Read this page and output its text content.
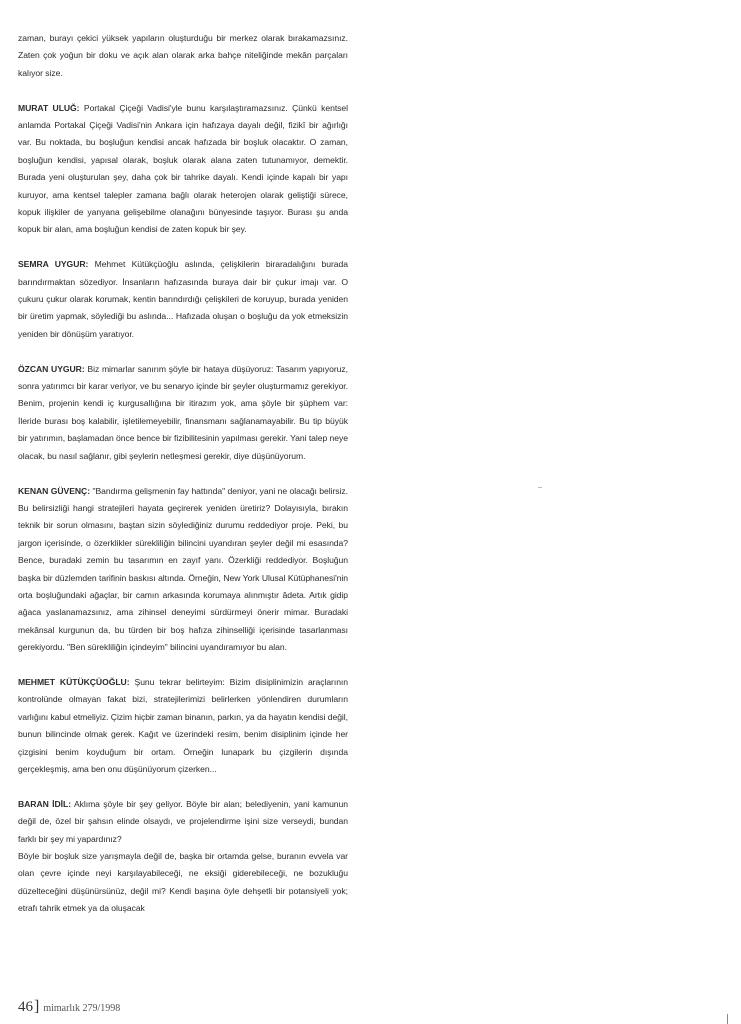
zaman, burayı çekici yüksek yapıların oluşturduğu bir merkez olarak bırakamazsınız. Zaten çok yoğun bir doku ve açık alan olarak arka bahçe niteliğinde mekân parçaları kalıyor size.

MURAT ULUĞ: Portakal Çiçeği Vadisi'yle bunu karşılaştıramazsınız. Çünkü kentsel anlamda Portakal Çiçeği Vadisi'nin Ankara için hafızaya dayalı değil, fizikî bir ağırlığı var. Bu noktada, bu boşluğun kendisi ancak hafızada bir boşluk olacaktır. O zaman, boşluğun kendisi, yapısal olarak, boşluk olarak alana zaten tutunamıyor, demektir. Burada yeni oluşturulan şey, daha çok bir tahrike dayalı. Kendi içinde kapalı bir yapı kuruyor, ama kentsel talepler zamana bağlı olarak heterojen olarak geliştiği sürece, kopuk ilişkiler de yanyana gelişebilme olanağını bünyesinde taşıyor. Burası şu anda kopuk bir alan, ama boşluğun kendisi de zaten kopuk bir şey.

SEMRA UYGUR: Mehmet Kütükçüoğlu aslında, çelişkilerin biraradalığını burada barındırmaktan sözediyor. İnsanların hafızasında buraya dair bir çukur imajı var. O çukuru çukur olarak korumak, kentin barındırdığı çelişkileri de koruyup, burada yeniden bir üretim yapmak, söylediği bu aslında... Hafızada oluşan o boşluğu da yok etmeksizin yeniden bir dönüşüm yaratıyor.

ÖZCAN UYGUR: Biz mimarlar sanırım şöyle bir hataya düşüyoruz: Tasarım yapıyoruz, sonra yatırımcı bir karar veriyor, ve bu senaryo içinde bir şeyler oluşturmamız gerekiyor. Benim, projenin kendi iç kurgusallığına bir itirazım yok, ama şöyle bir şüphem var: İleride burası boş kalabilir, işletilemeyebilir, finansmanı sağlanamayabilir. Bu tip büyük bir yatırımın, başlamadan önce bence bir fizibilitesinin yapılması gerekir. Yani talep neye olacak, bu nasıl sağlanır, gibi şeylerin netleşmesi gerekir, diye düşünüyorum.

KENAN GÜVENÇ: "Bandırma gelişmenin fay hattında" deniyor, yani ne olacağı belirsiz. Bu belirsizliği hangi stratejileri hayata geçirerek yeniden üretiriz? Dolayısıyla, bırakın teknik bir sorun olmasını, baştan sizin söylediğiniz durumu reddediyor proje. Peki, bu jargon içerisinde, o özerklikler sürekliliğin bilincini uyandıran şeyler değil mi esasında? Bence, buradaki zemin bu tasarımın en zayıf yanı. Özerkliği reddediyor. Boşluğun başka bir düzlemden tarifinin baskısı altında. Örneğin, New York Ulusal Kütüphanesi'nin orta boşluğundaki ağaçlar, bir camın arkasında korumaya alınmıştır âdeta. Artık gidip ağaca yaslanamazsınız, ama zihinsel deneyimi sürdürmeyi önerir mimar. Buradaki mekânsal kurgunun da, bu türden bir boş hafıza zihinselliği içerisinde tasarlanması gerekiyordu. "Ben sürekliliğin içindeyim" bilincini uyandıramıyor bu alan.

MEHMET KÜTÜKÇÜOĞLU: Şunu tekrar belirteyim: Bizim disiplinimizin araçlarının kontrolünde olmayan fakat bizi, stratejilerimizi belirlerken yönlendiren durumların varlığını kabul etmeliyiz. Çizim hiçbir zaman binanın, parkın, ya da hayatın kendisi değil, bunun bilincinde olmak gerek. Kağıt ve üzerindeki resim, benim disiplinim içinde her çizgisini benim koyduğum bir ortam. Örneğin lunapark bu çizgilerin dışında gerçekleşmiş, ama ben onu düşünüyorum çizerken...

BARAN İDİL: Aklıma şöyle bir şey geliyor. Böyle bir alan; belediyenin, yani kamunun değil de, özel bir şahsın elinde olsaydı, ve projelendirme işini size verseydi, bundan farklı bir şey mi yapardınız?

Böyle bir boşluk size yarışmayla değil de, başka bir ortamda gelse, buranın evvela var olan çevre içinde neyi karşılayabileceği, ne eksiği giderebileceği, ne bozukluğu düzelteceğini düşünürsünüz, değil mi? Kendi başına öyle dehşetli bir potansiyeli yok; etrafı tahrik etmek ya da oluşacak

46 ] mimarlık 279/1998
